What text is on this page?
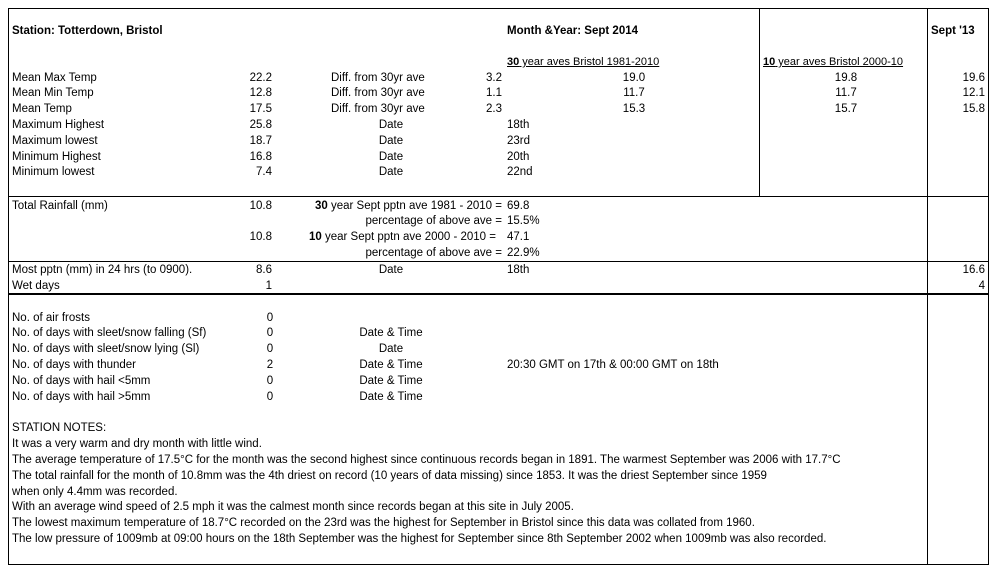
Station: Totterdown, Bristol	Month &Year: Sept 2014	Sept '13
30 year aves Bristol 1981-2010	10 year aves Bristol 2000-10
Mean Max Temp	22.2	Diff. from 30yr ave	3.2	19.0	19.8	19.6
Mean Min Temp	12.8	Diff. from 30yr ave	1.1	11.7	11.7	12.1
Mean Temp	17.5	Diff. from 30yr ave	2.3	15.3	15.7	15.8
Maximum Highest	25.8	Date	18th
Maximum lowest	18.7	Date	23rd
Minimum Highest	16.8	Date	20th
Minimum lowest	7.4	Date	22nd
Total Rainfall (mm)	10.8	30 year Sept pptn ave 1981 - 2010 = 69.8
percentage of above ave = 15.5%
10.8	10 year Sept pptn ave 2000 - 2010 = 47.1
percentage of above ave = 22.9%
Most pptn (mm) in 24 hrs (to 0900).	8.6	Date	18th	16.6
Wet days	1	4
No. of air frosts	0
No. of days with sleet/snow falling (Sf)	0	Date & Time
No. of days with sleet/snow lying (Sl)	0	Date
No. of days with thunder	2	Date & Time	20:30 GMT on 17th & 00:00 GMT on 18th
No. of days with hail <5mm	0	Date & Time
No. of days with hail >5mm	0	Date & Time
STATION NOTES:
It was a very warm and dry month with little wind.
The average temperature of 17.5°C for the month was the second highest since continuous records began in 1891. The warmest September was 2006 with 17.7°C
The total rainfall for the month of 10.8mm was the 4th driest on record (10 years of data missing) since 1853. It was the driest September since 1959
when only 4.4mm was recorded.
With an average wind speed of 2.5 mph it was the calmest month since records began at this site in July 2005.
The lowest maximum temperature of 18.7°C recorded on the 23rd was the highest for September in Bristol since this data was collated from 1960.
The low pressure of 1009mb at 09:00 hours on the 18th September was the highest for September since 8th September 2002 when 1009mb was also recorded.
